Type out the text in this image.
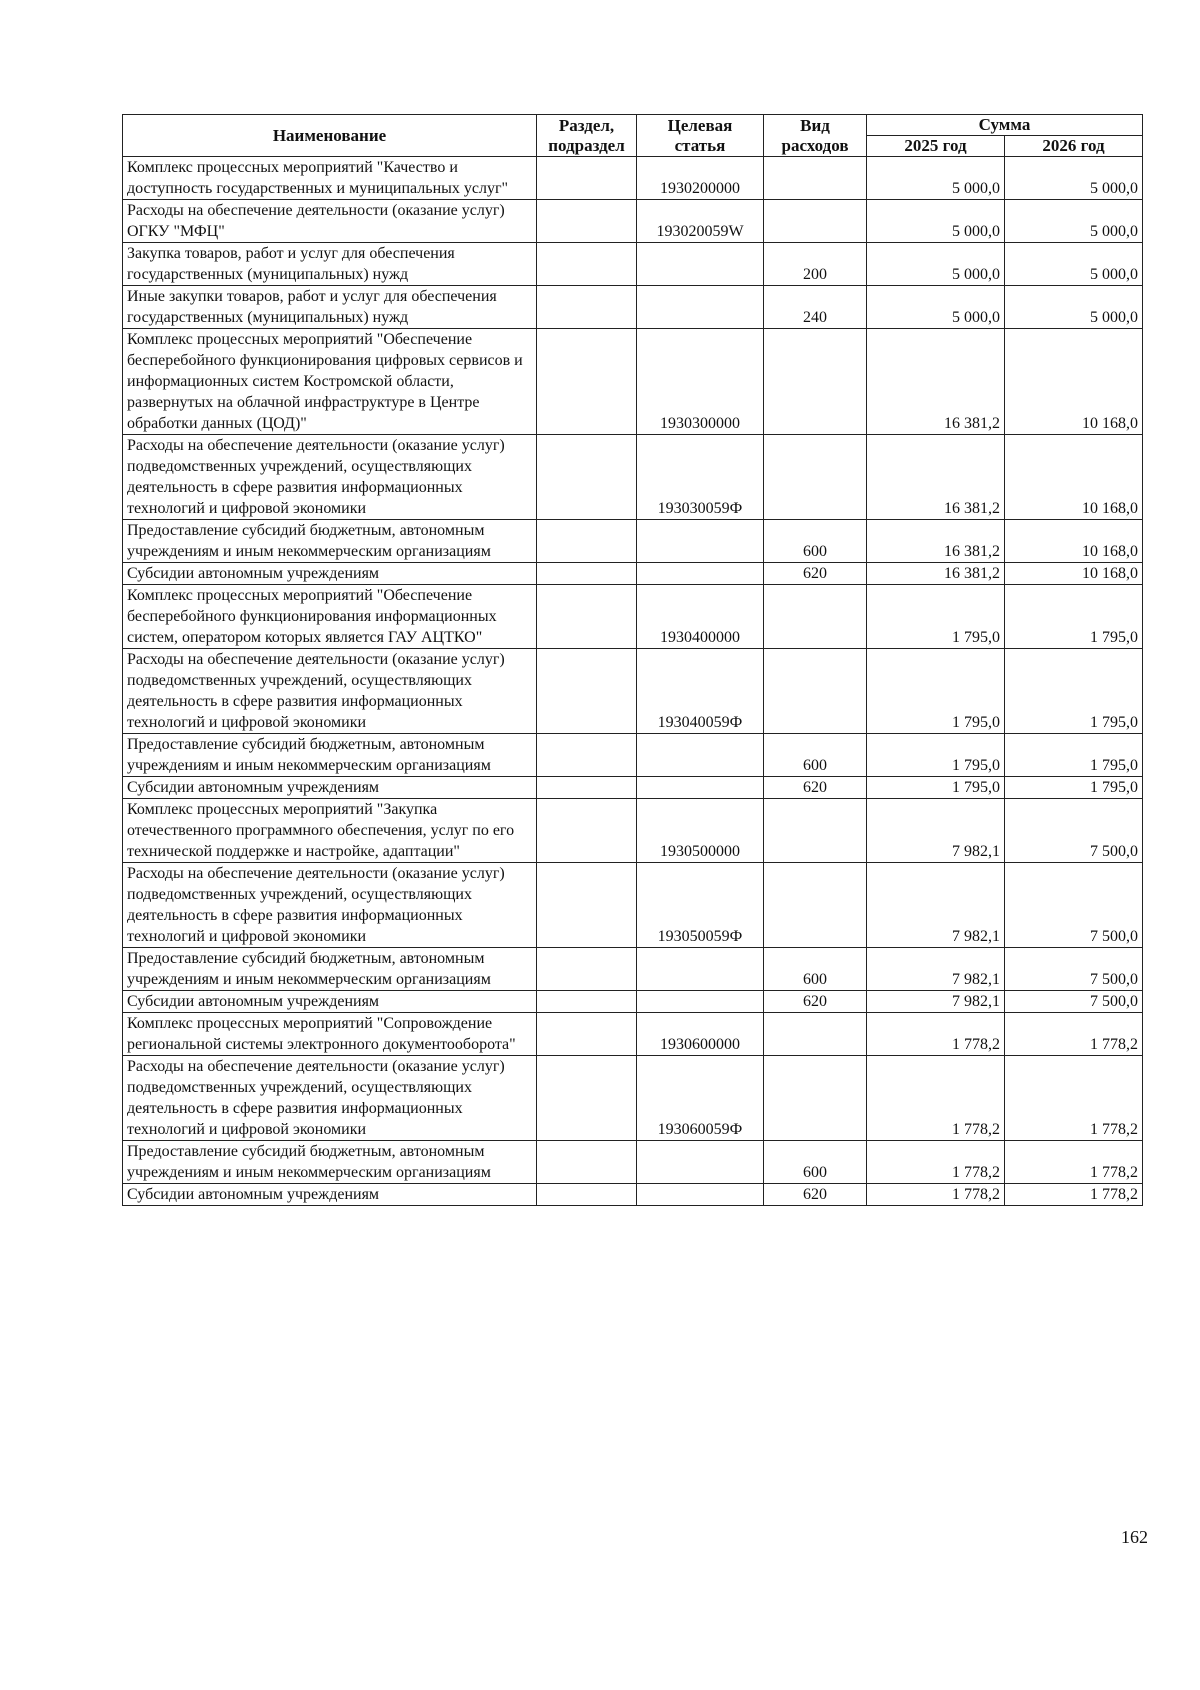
Наименование	Раздел, подраздел	Целевая статья	Вид расходов	Сумма	
				2025 год	2026 год
Комплекс процессных мероприятий "Качество и доступность государственных и муниципальных услуг"		1930200000		5 000,0	5 000,0
Расходы на обеспечение деятельности (оказание услуг) ОГКУ "МФЦ"		193020059W		5 000,0	5 000,0
Закупка товаров, работ и услуг для обеспечения государственных (муниципальных) нужд			200	5 000,0	5 000,0
Иные закупки товаров, работ и услуг для обеспечения государственных (муниципальных) нужд			240	5 000,0	5 000,0
Комплекс процессных мероприятий "Обеспечение бесперебойного функционирования цифровых сервисов и информационных систем Костромской области, развернутых на облачной инфраструктуре в Центре обработки данных (ЦОД)"		1930300000		16 381,2	10 168,0
Расходы на обеспечение деятельности (оказание услуг) подведомственных учреждений, осуществляющих деятельность в сфере развития информационных технологий и цифровой экономики		193030059Ф		16 381,2	10 168,0
Предоставление субсидий бюджетным, автономным учреждениям и иным некоммерческим организациям			600	16 381,2	10 168,0
Субсидии автономным учреждениям			620	16 381,2	10 168,0
Комплекс процессных мероприятий "Обеспечение бесперебойного функционирования информационных систем, оператором которых является ГАУ АЦТКО"		1930400000		1 795,0	1 795,0
Расходы на обеспечение деятельности (оказание услуг) подведомственных учреждений, осуществляющих деятельность в сфере развития информационных технологий и цифровой экономики		193040059Ф		1 795,0	1 795,0
Предоставление субсидий бюджетным, автономным учреждениям и иным некоммерческим организациям			600	1 795,0	1 795,0
Субсидии автономным учреждениям			620	1 795,0	1 795,0
Комплекс процессных мероприятий "Закупка отечественного программного обеспечения, услуг по его технической поддержке и настройке, адаптации"		1930500000		7 982,1	7 500,0
Расходы на обеспечение деятельности (оказание услуг) подведомственных учреждений, осуществляющих деятельность в сфере развития информационных технологий и цифровой экономики		193050059Ф		7 982,1	7 500,0
Предоставление субсидий бюджетным, автономным учреждениям и иным некоммерческим организациям			600	7 982,1	7 500,0
Субсидии автономным учреждениям			620	7 982,1	7 500,0
Комплекс процессных мероприятий "Сопровождение региональной системы электронного документооборота"		1930600000		1 778,2	1 778,2
Расходы на обеспечение деятельности (оказание услуг) подведомственных учреждений, осуществляющих деятельность в сфере развития информационных технологий и цифровой экономики		193060059Ф		1 778,2	1 778,2
Предоставление субсидий бюджетным, автономным учреждениям и иным некоммерческим организациям			600	1 778,2	1 778,2
Субсидии автономным учреждениям			620	1 778,2	1 778,2
162
